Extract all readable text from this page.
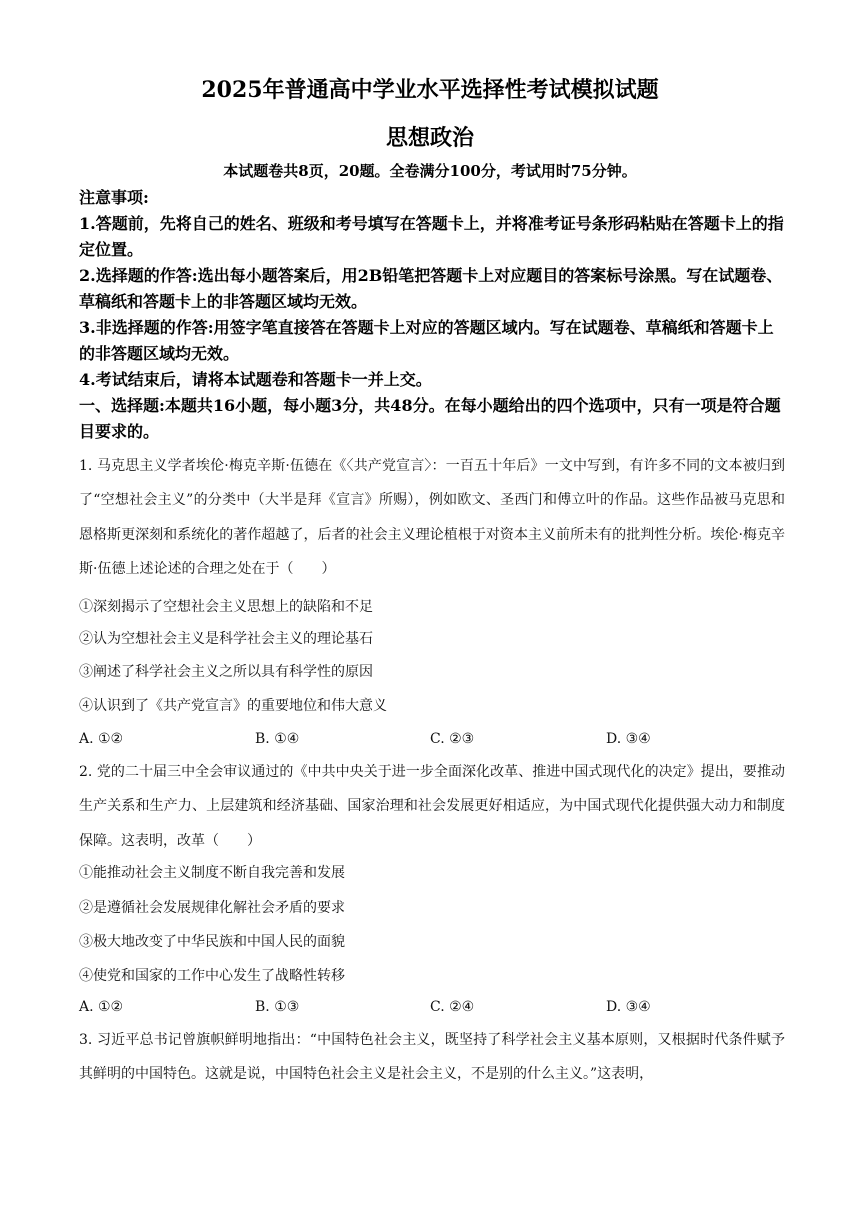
2025年普通高中学业水平选择性考试模拟试题
思想政治
本试题卷共8页，20题。全卷满分100分，考试用时75分钟。
注意事项:
1.答题前，先将自己的姓名、班级和考号填写在答题卡上，并将准考证号条形码粘贴在答题卡上的指定位置。
2.选择题的作答:选出每小题答案后，用2B铅笔把答题卡上对应题目的答案标号涂黑。写在试题卷、草稿纸和答题卡上的非答题区域均无效。
3.非选择题的作答:用签字笔直接答在答题卡上对应的答题区域内。写在试题卷、草稿纸和答题卡上的非答题区域均无效。
4.考试结束后，请将本试题卷和答题卡一并上交。
一、选择题:本题共16小题，每小题3分，共48分。在每小题给出的四个选项中，只有一项是符合题目要求的。
1. 马克思主义学者埃伦·梅克辛斯·伍德在《〈共产党宣言〉：一百五十年后》一文中写到，有许多不同的文本被归到了“空想社会主义”的分类中（大半是拜《宣言》所赐），例如欧文、圣西门和傅立叶的作品。这些作品被马克思和恩格斯更深刻和系统化的著作超越了，后者的社会主义理论植根于对资本主义前所未有的批判性分析。埃伦·梅克辛斯·伍德上述论述的合理之处在于（　　）
①深刻揭示了空想社会主义思想上的缺陷和不足
②认为空想社会主义是科学社会主义的理论基石
③阐述了科学社会主义之所以具有科学性的原因
④认识到了《共产党宣言》的重要地位和伟大意义
A. ①②	B. ①④	C. ②③	D. ③④
2. 党的二十届三中全会审议通过的《中共中央关于进一步全面深化改革、推进中国式现代化的决定》提出，要推动生产关系和生产力、上层建筑和经济基础、国家治理和社会发展更好相适应，为中国式现代化提供强大动力和制度保障。这表明，改革（　　）
①能推动社会主义制度不断自我完善和发展
②是遵循社会发展规律化解社会矛盾的要求
③极大地改变了中华民族和中国人民的面貌
④使党和国家的工作中心发生了战略性转移
A. ①②	B. ①③	C. ②④	D. ③④
3. 习近平总书记曾旗帜鲜明地指出：“中国特色社会主义，既坚持了科学社会主义基本原则，又根据时代条件赋予其鲜明的中国特色。这就是说，中国特色社会主义是社会主义，不是别的什么主义。”这表明，
